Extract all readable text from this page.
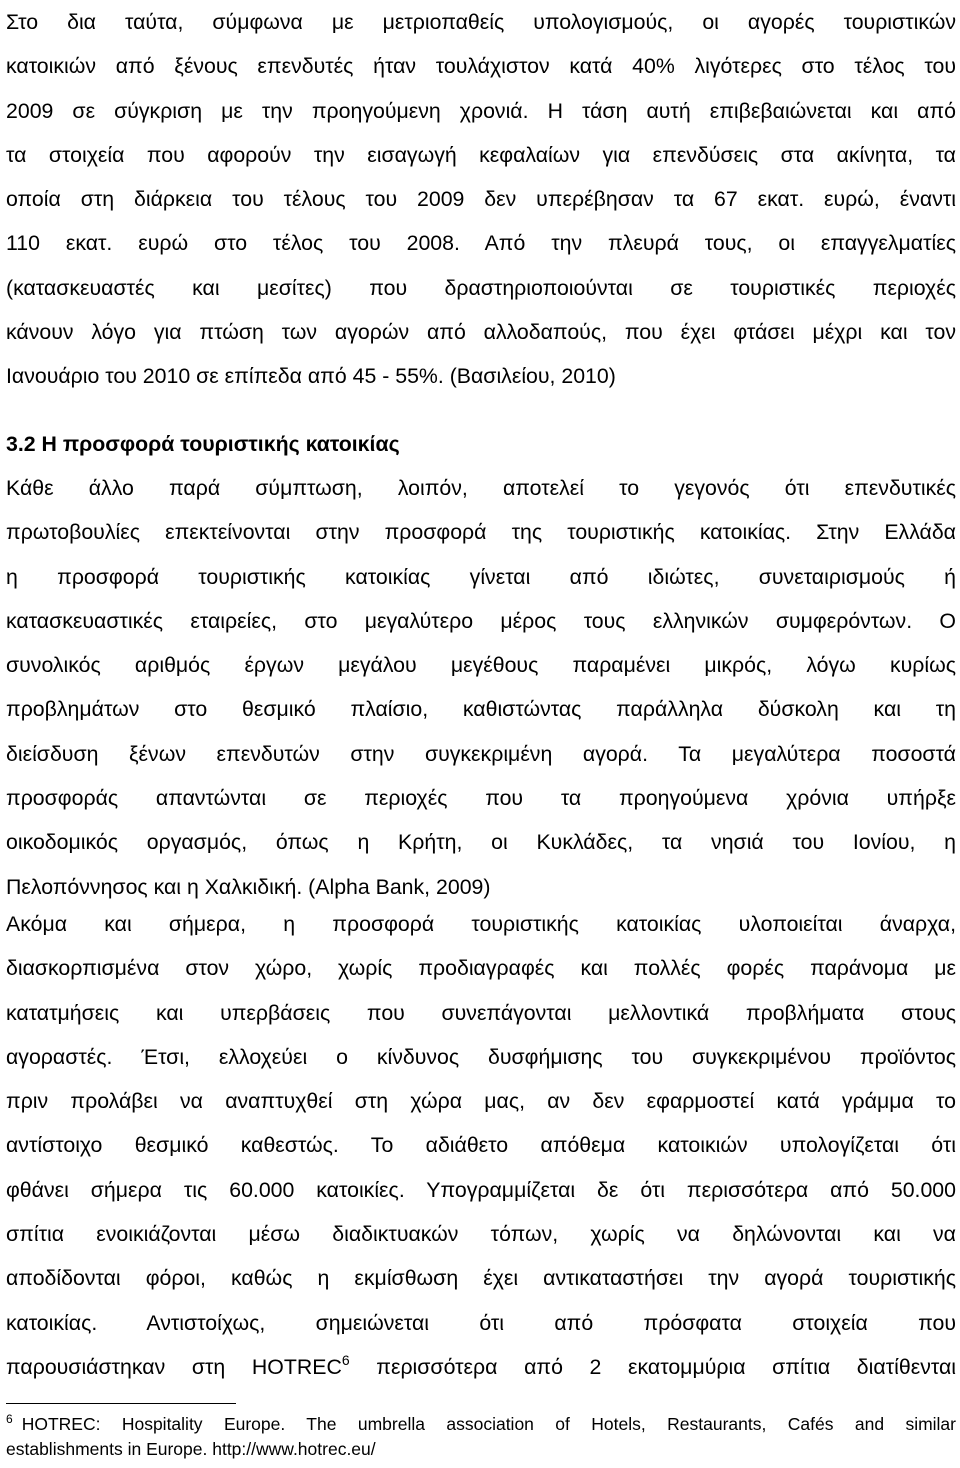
Στο δια ταύτα, σύμφωνα με μετριοπαθείς υπολογισμούς, οι αγορές τουριστικών
κατοικιών από ξένους επενδυτές ήταν τουλάχιστον κατά 40% λιγότερες στο τέλος του
2009 σε σύγκριση με την προηγούμενη χρονιά. Η τάση αυτή επιβεβαιώνεται και από
τα στοιχεία που αφορούν την εισαγωγή κεφαλαίων για επενδύσεις στα ακίνητα, τα
οποία στη διάρκεια του τέλους του 2009 δεν υπερέβησαν τα 67 εκατ. ευρώ, έναντι
110 εκατ. ευρώ στο τέλος του 2008. Από την πλευρά τους, οι επαγγελματίες
(κατασκευαστές και μεσίτες) που δραστηριοποιούνται σε τουριστικές περιοχές
κάνουν λόγο για πτώση των αγορών από αλλοδαπούς, που έχει φτάσει μέχρι και τον
Ιανουάριο του 2010 σε επίπεδα από 45 - 55%. (Βασιλείου, 2010)
3.2 Η προσφορά τουριστικής κατοικίας
Κάθε άλλο παρά σύμπτωση, λοιπόν, αποτελεί το γεγονός ότι επενδυτικές
πρωτοβουλίες επεκτείνονται στην προσφορά της τουριστικής κατοικίας. Στην Ελλάδα
η προσφορά τουριστικής κατοικίας γίνεται από ιδιώτες, συνεταιρισμούς ή
κατασκευαστικές εταιρείες, στο μεγαλύτερο μέρος τους ελληνικών συμφερόντων. Ο
συνολικός αριθμός έργων μεγάλου μεγέθους παραμένει μικρός, λόγω κυρίως
προβλημάτων στο θεσμικό πλαίσιο, καθιστώντας παράλληλα δύσκολη και τη
διείσδυση ξένων επενδυτών στην συγκεκριμένη αγορά. Τα μεγαλύτερα ποσοστά
προσφοράς απαντώνται σε περιοχές που τα προηγούμενα χρόνια υπήρξε
οικοδομικός οργασμός, όπως η Κρήτη, οι Κυκλάδες, τα νησιά του Ιονίου, η
Πελοπόννησος και η Χαλκιδική. (Alpha Bank, 2009)
Ακόμα και σήμερα, η προσφορά τουριστικής κατοικίας υλοποιείται άναρχα,
διασκορπισμένα στον χώρο, χωρίς προδιαγραφές και πολλές φορές παράνομα με
κατατμήσεις και υπερβάσεις που συνεπάγονται μελλοντικά προβλήματα στους
αγοραστές. Έτσι, ελλοχεύει ο κίνδυνος δυσφήμισης του συγκεκριμένου προϊόντος
πριν προλάβει να αναπτυχθεί στη χώρα μας, αν δεν εφαρμοστεί κατά γράμμα το
αντίστοιχο θεσμικό καθεστώς. Το αδιάθετο απόθεμα κατοικιών υπολογίζεται ότι
φθάνει σήμερα τις 60.000 κατοικίες. Υπογραμμίζεται δε ότι περισσότερα από 50.000
σπίτια ενοικιάζονται μέσω διαδικτυακών τόπων, χωρίς να δηλώνονται και να
αποδίδονται φόροι, καθώς η εκμίσθωση έχει αντικαταστήσει την αγορά τουριστικής
κατοικίας. Αντιστοίχως, σημειώνεται ότι από πρόσφατα στοιχεία που
παρουσιάστηκαν στη HOTREC$^6$ περισσότερα από 2 εκατομμύρια σπίτια διατίθενται
$^6$ HOTREC: Hospitality Europe. The umbrella association of Hotels, Restaurants, Cafés and similar
establishments in Europe. http://www.hotrec.eu/
